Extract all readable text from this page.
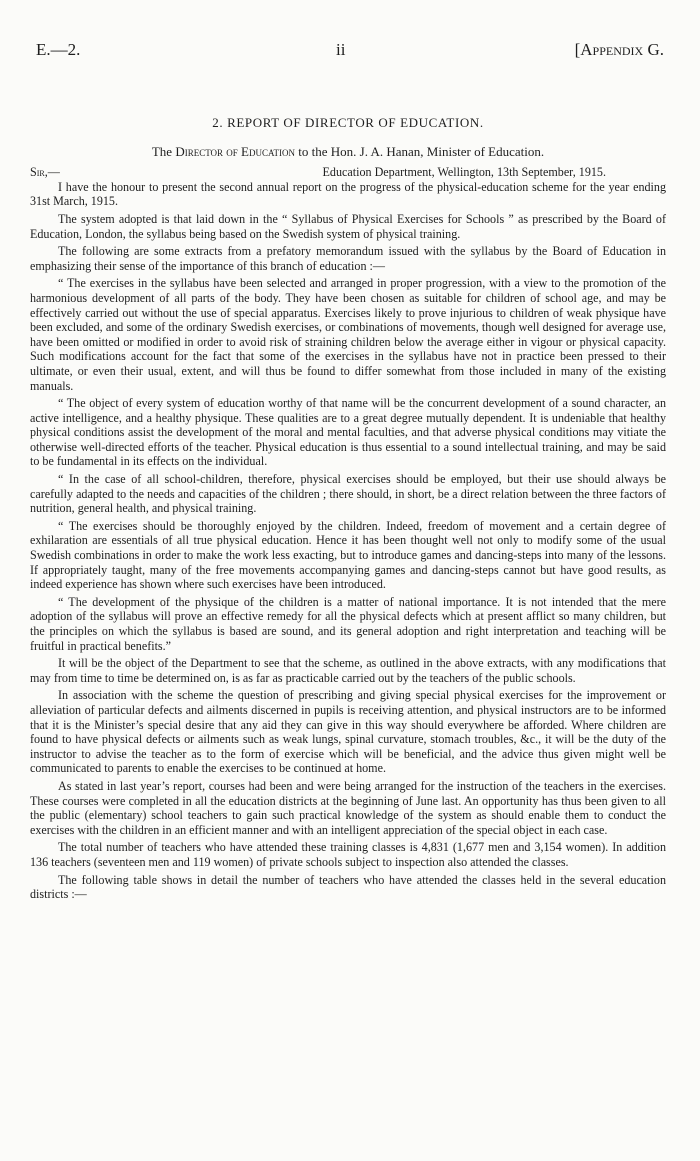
E.—2.	ii	[Appendix G.
2. REPORT OF DIRECTOR OF EDUCATION.
The Director of Education to the Hon. J. A. Hanan, Minister of Education.
Sir,—	Education Department, Wellington, 13th September, 1915.

I have the honour to present the second annual report on the progress of the physical-education scheme for the year ending 31st March, 1915.

The system adopted is that laid down in the “ Syllabus of Physical Exercises for Schools ” as prescribed by the Board of Education, London, the syllabus being based on the Swedish system of physical training.

The following are some extracts from a prefatory memorandum issued with the syllabus by the Board of Education in emphasizing their sense of the importance of this branch of education :—

“ The exercises in the syllabus have been selected and arranged in proper progression, with a view to the promotion of the harmonious development of all parts of the body. They have been chosen as suitable for children of school age, and may be effectively carried out without the use of special apparatus. Exercises likely to prove injurious to children of weak physique have been excluded, and some of the ordinary Swedish exercises, or combinations of movements, though well designed for average use, have been omitted or modified in order to avoid risk of straining children below the average either in vigour or physical capacity. Such modifications account for the fact that some of the exercises in the syllabus have not in practice been pressed to their ultimate, or even their usual, extent, and will thus be found to differ somewhat from those included in many of the existing manuals.

“ The object of every system of education worthy of that name will be the concurrent development of a sound character, an active intelligence, and a healthy physique. These qualities are to a great degree mutually dependent. It is undeniable that healthy physical conditions assist the development of the moral and mental faculties, and that adverse physical conditions may vitiate the otherwise well-directed efforts of the teacher. Physical education is thus essential to a sound intellectual training, and may be said to be fundamental in its effects on the individual.

“ In the case of all school-children, therefore, physical exercises should be employed, but their use should always be carefully adapted to the needs and capacities of the children ; there should, in short, be a direct relation between the three factors of nutrition, general health, and physical training.

“ The exercises should be thoroughly enjoyed by the children. Indeed, freedom of movement and a certain degree of exhilaration are essentials of all true physical education. Hence it has been thought well not only to modify some of the usual Swedish combinations in order to make the work less exacting, but to introduce games and dancing-steps into many of the lessons. If appropriately taught, many of the free movements accompanying games and dancing-steps cannot but have good results, as indeed experience has shown where such exercises have been introduced.

“ The development of the physique of the children is a matter of national importance. It is not intended that the mere adoption of the syllabus will prove an effective remedy for all the physical defects which at present afflict so many children, but the principles on which the syllabus is based are sound, and its general adoption and right interpretation and teaching will be fruitful in practical benefits.”

It will be the object of the Department to see that the scheme, as outlined in the above extracts, with any modifications that may from time to time be determined on, is as far as practicable carried out by the teachers of the public schools.

In association with the scheme the question of prescribing and giving special physical exercises for the improvement or alleviation of particular defects and ailments discerned in pupils is receiving attention, and physical instructors are to be informed that it is the Minister’s special desire that any aid they can give in this way should everywhere be afforded. Where children are found to have physical defects or ailments such as weak lungs, spinal curvature, stomach troubles, &c., it will be the duty of the instructor to advise the teacher as to the form of exercise which will be beneficial, and the advice thus given might well be communicated to parents to enable the exercises to be continued at home.

As stated in last year’s report, courses had been and were being arranged for the instruction of the teachers in the exercises. These courses were completed in all the education districts at the beginning of June last. An opportunity has thus been given to all the public (elementary) school teachers to gain such practical knowledge of the system as should enable them to conduct the exercises with the children in an efficient manner and with an intelligent appreciation of the special object in each case.

The total number of teachers who have attended these training classes is 4,831 (1,677 men and 3,154 women). In addition 136 teachers (seventeen men and 119 women) of private schools subject to inspection also attended the classes.

The following table shows in detail the number of teachers who have attended the classes held in the several education districts :—
